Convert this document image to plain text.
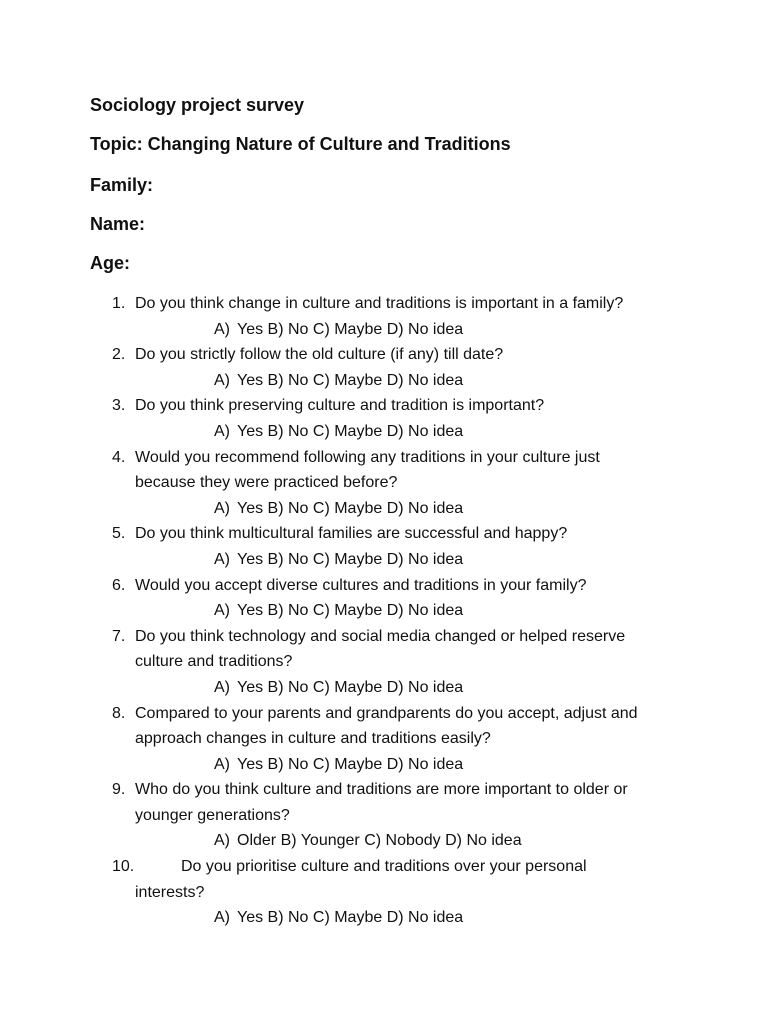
Sociology project survey
Topic: Changing Nature of Culture and Traditions
Family:
Name:
Age:
1. Do you think change in culture and traditions is important in a family?
A) Yes B) No C) Maybe D) No idea
2. Do you strictly follow the old culture (if any) till date?
A) Yes B) No C) Maybe D) No idea
3. Do you think preserving culture and tradition is important?
A) Yes B) No C) Maybe D) No idea
4. Would you recommend following any traditions in your culture just because they were practiced before?
A) Yes B) No C) Maybe D) No idea
5. Do you think multicultural families are successful and happy?
A) Yes B) No C) Maybe D) No idea
6. Would you accept diverse cultures and traditions in your family?
A) Yes B) No C) Maybe D) No idea
7. Do you think technology and social media changed or helped reserve culture and traditions?
A) Yes B) No C) Maybe D) No idea
8. Compared to your parents and grandparents do you accept, adjust and approach changes in culture and traditions easily?
A) Yes B) No C) Maybe D) No idea
9. Who do you think culture and traditions are more important to older or younger generations?
A) Older B) Younger C) Nobody D) No idea
10.	Do you prioritise culture and traditions over your personal interests?
A) Yes B) No C) Maybe D) No idea
